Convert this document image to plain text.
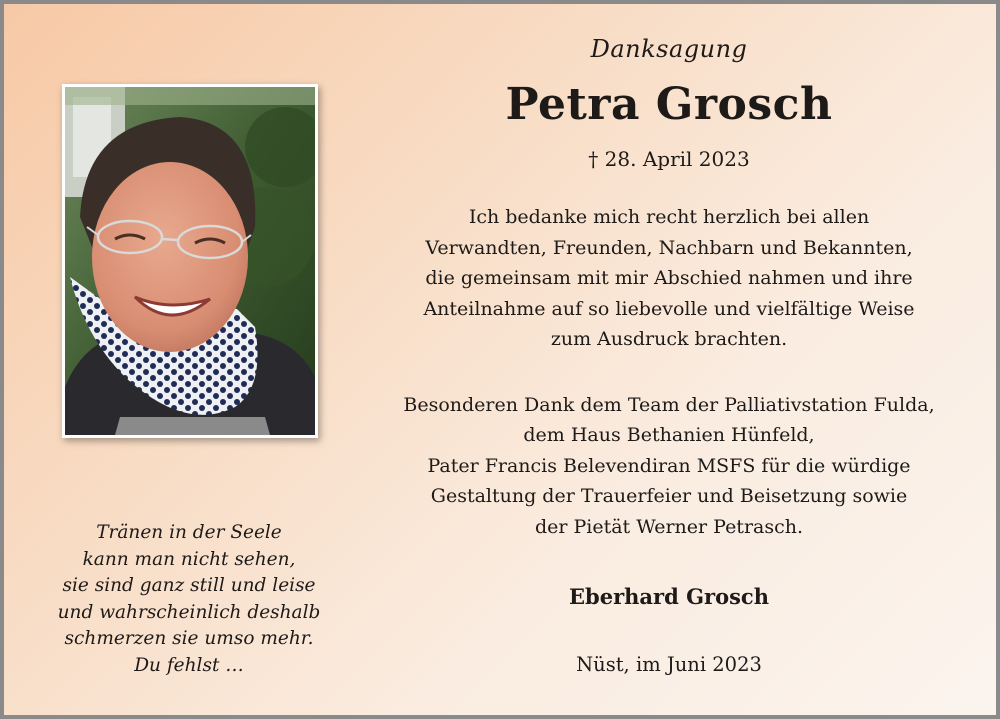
Tränen in der Seele
kann man nicht sehen,
sie sind ganz still und leise
und wahrscheinlich deshalb
schmerzen sie umso mehr.
Du fehlst …
Danksagung
Petra Grosch
† 28. April 2023
Ich bedanke mich recht herzlich bei allen
Verwandten, Freunden, Nachbarn und Bekannten,
die gemeinsam mit mir Abschied nahmen und ihre
Anteilnahme auf so liebevolle und vielfältige Weise
zum Ausdruck brachten.
Besonderen Dank dem Team der Palliativstation Fulda,
dem Haus Bethanien Hünfeld,
Pater Francis Belevendiran MSFS für die würdige
Gestaltung der Trauerfeier und Beisetzung sowie
der Pietät Werner Petrasch.
Eberhard Grosch
Nüst, im Juni 2023
